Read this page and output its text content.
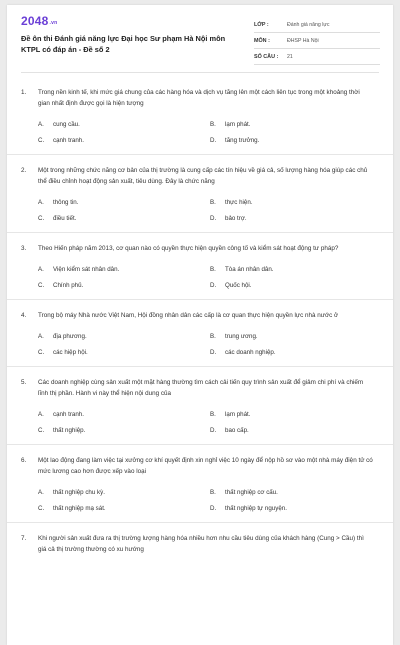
2048.vn
Đề ôn thi Đánh giá năng lực Đại học Sư phạm Hà Nội môn KTPL có đáp án - Đề số 2
LỚP :	Đánh giá năng lực
MÔN :	ĐHSP Hà Nội
SỐ CÂU :	21
1.	Trong nền kinh tế, khi mức giá chung của các hàng hóa và dịch vụ tăng lên một cách liên tục trong một khoảng thời gian nhất định được gọi là hiện tượng
A.	cung cầu.	B.	lạm phát.
C.	cạnh tranh.	D.	tăng trưởng.
2.	Một trong những chức năng cơ bản của thị trường là cung cấp các tín hiệu về giá cả, số lượng hàng hóa giúp các chủ thể điều chỉnh hoạt động sản xuất, tiêu dùng. Đây là chức năng
A.	thông tin.	B.	thực hiện.
C.	điều tiết.	D.	bảo trợ.
3.	Theo Hiến pháp năm 2013, cơ quan nào có quyền thực hiện quyền công tố và kiểm sát hoạt động tư pháp?
A.	Viện kiểm sát nhân dân.	B.	Tòa án nhân dân.
C.	Chính phủ.	D.	Quốc hội.
4.	Trong bộ máy Nhà nước Việt Nam, Hội đồng nhân dân các cấp là cơ quan thực hiện quyền lực nhà nước ở
A.	địa phương.	B.	trung ương.
C.	các hiệp hội.	D.	các doanh nghiệp.
5.	Các doanh nghiệp cùng sản xuất một mặt hàng thường tìm cách cải tiến quy trình sản xuất để giảm chi phí và chiếm lĩnh thị phần. Hành vi này thể hiện nội dung của
A.	cạnh tranh.	B.	lạm phát.
C.	thất nghiệp.	D.	bao cấp.
6.	Một lao động đang làm việc tại xưởng cơ khí quyết định xin nghỉ việc 10 ngày để nộp hồ sơ vào một nhà máy điện tử có mức lương cao hơn được xếp vào loại
A.	thất nghiệp chu kỳ.	B.	thất nghiệp cơ cấu.
C.	thất nghiệp mạ sát.	D.	thất nghiệp tự nguyện.
7.	Khi người sản xuất đưa ra thị trường lượng hàng hóa nhiều hơn nhu cầu tiêu dùng của khách hàng (Cung > Cầu) thì giá cả thị trường thường có xu hướng
